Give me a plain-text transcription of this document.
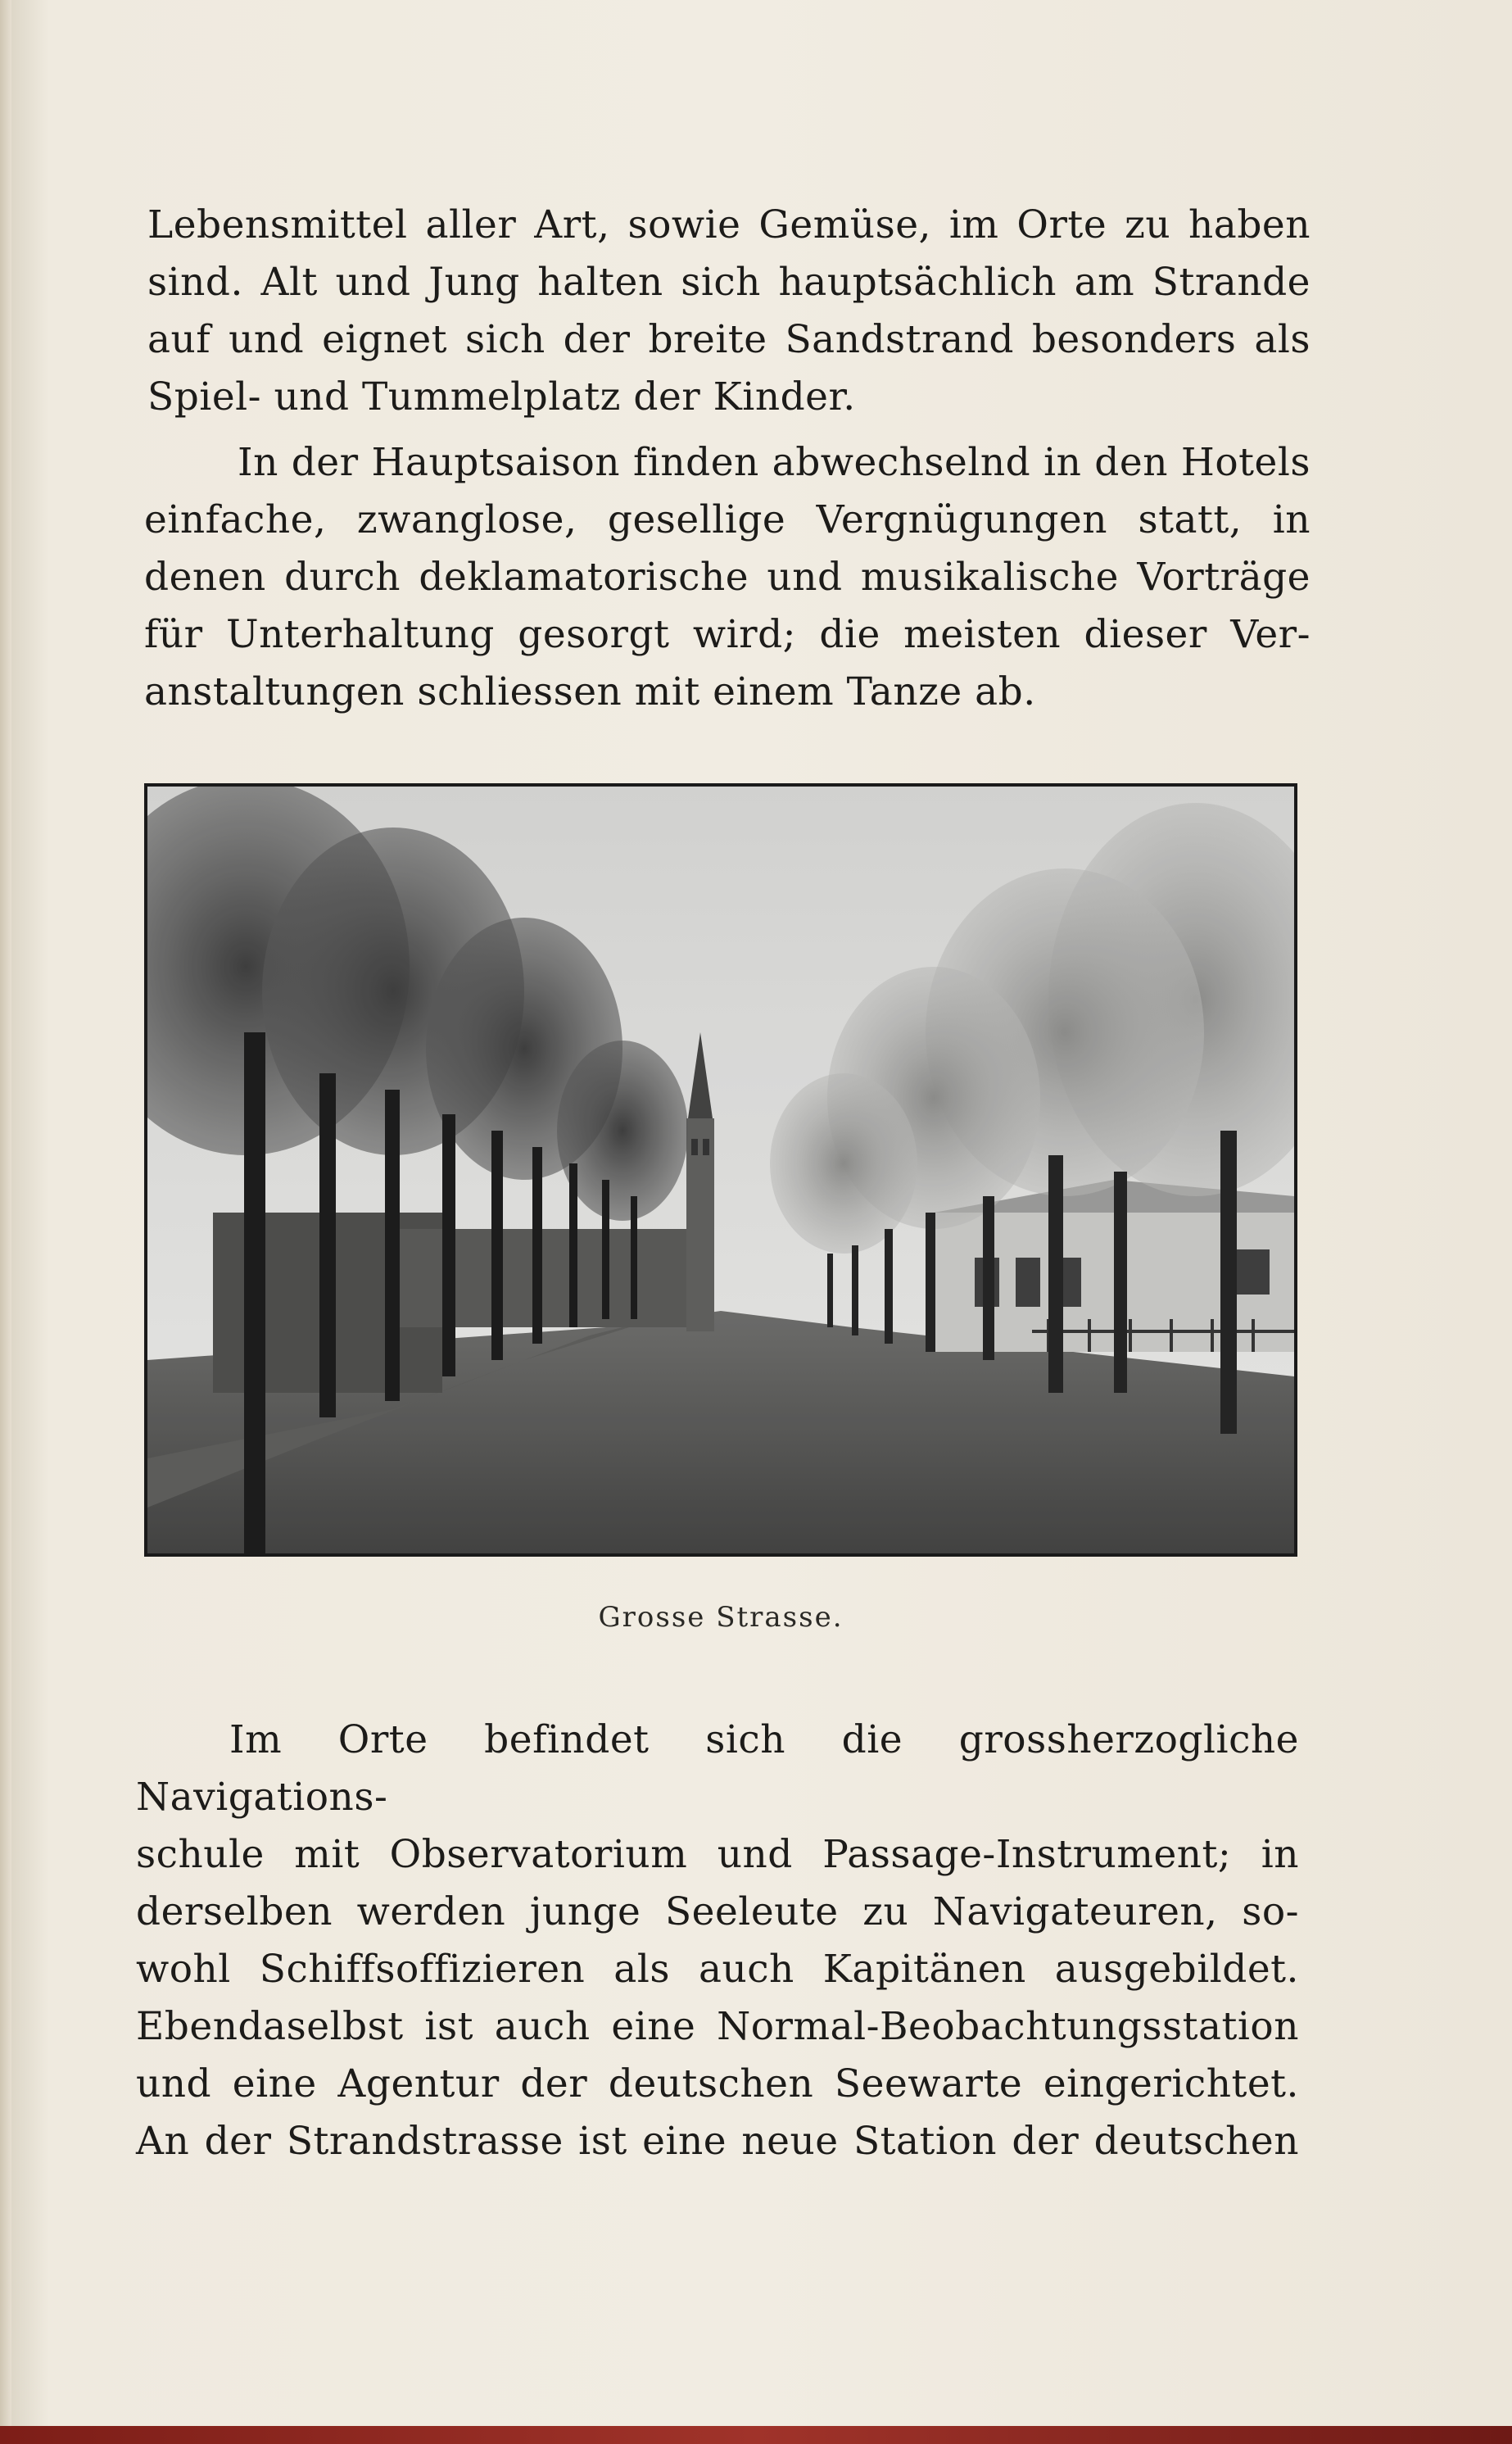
Lebensmittel aller Art, sowie Gemüse, im Orte zu haben

sind. Alt und Jung halten sich hauptsächlich am Strande

auf und eignet sich der breite Sandstrand besonders als

Spiel- und Tummelplatz der Kinder.

In der Hauptsaison finden abwechselnd in den Hotels

einfache, zwanglose, gesellige Vergnügungen statt, in

denen durch deklamatorische und musikalische Vorträge

für Unterhaltung gesorgt wird; die meisten dieser Ver-

anstaltungen schliessen mit einem Tanze ab.

Grosse Strasse.

Im Orte befindet sich die grossherzogliche Navigations-

schule mit Observatorium und Passage-Instrument; in

derselben werden junge Seeleute zu Navigateuren, so-

wohl Schiffsoffizieren als auch Kapitänen ausgebildet.

Ebendaselbst ist auch eine Normal-Beobachtungsstation

und eine Agentur der deutschen Seewarte eingerichtet.

An der Strandstrasse ist eine neue Station der deutschen
